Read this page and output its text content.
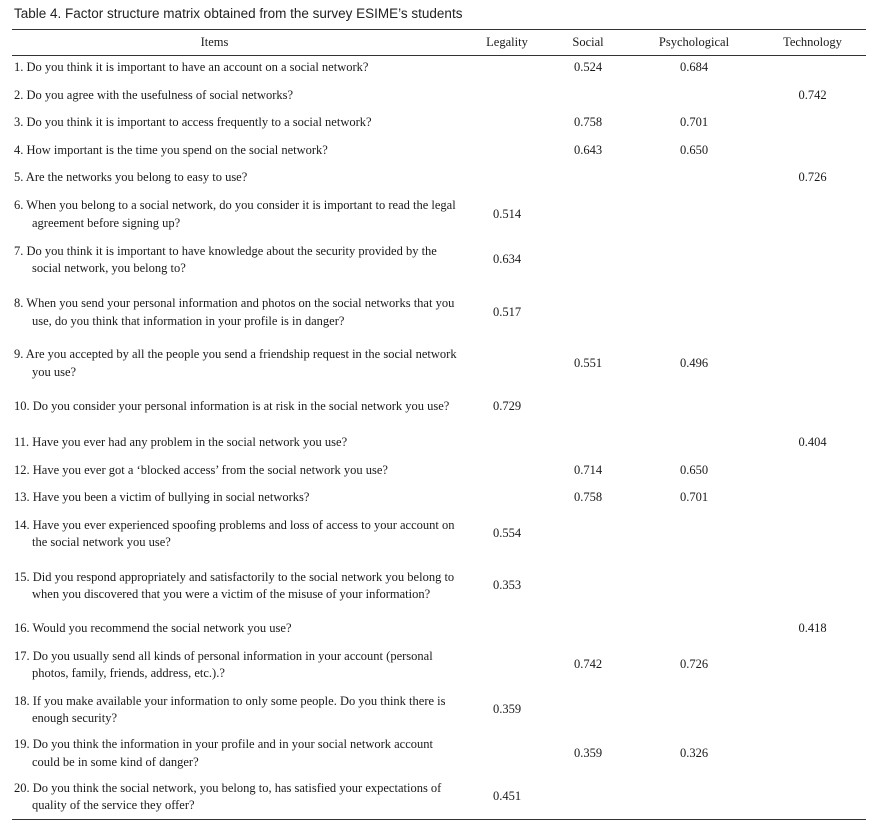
Table 4. Factor structure matrix obtained from the survey ESIME’s students
Items	Legality	Social	Psychological	Technology

1. Do you think it is important to have an account on a social network?		0.524	0.684	

2. Do you agree with the usefulness of social networks?				0.742

3. Do you think it is important to access frequently to a social network?		0.758	0.701	

4. How important is the time you spend on the social network?		0.643	0.650	

5. Are the networks you belong to easy to use?				0.726

6. When you belong to a social network, do you consider it is important to read the legal agreement before signing up?	0.514			

7. Do you think it is important to have knowledge about the security provided by the social network, you belong to?	0.634			

8. When you send your personal information and photos on the social networks that you use, do you think that information in your profile is in danger?	0.517			

9. Are you accepted by all the people you send a friendship request in the social network you use?		0.551	0.496	

10. Do you consider your personal information is at risk in the social network you use?	0.729			

11. Have you ever had any problem in the social network you use?				0.404

12. Have you ever got a ‘blocked access’ from the social network you use?		0.714	0.650	

13. Have you been a victim of bullying in social networks?		0.758	0.701	

14. Have you ever experienced spoofing problems and loss of access to your account on the social network you use?	0.554			

15. Did you respond appropriately and satisfactorily to the social network you belong to when you discovered that you were a victim of the misuse of your information?	0.353			

16. Would you recommend the social network you use?				0.418

17. Do you usually send all kinds of personal information in your account (personal photos, family, friends, address, etc.).?		0.742	0.726	

18. If you make available your information to only some people. Do you think there is enough security?	0.359			

19. Do you think the information in your profile and in your social network account could be in some kind of danger?		0.359	0.326	

20. Do you think the social network, you belong to, has satisfied your expectations of quality of the service they offer?	0.451			
